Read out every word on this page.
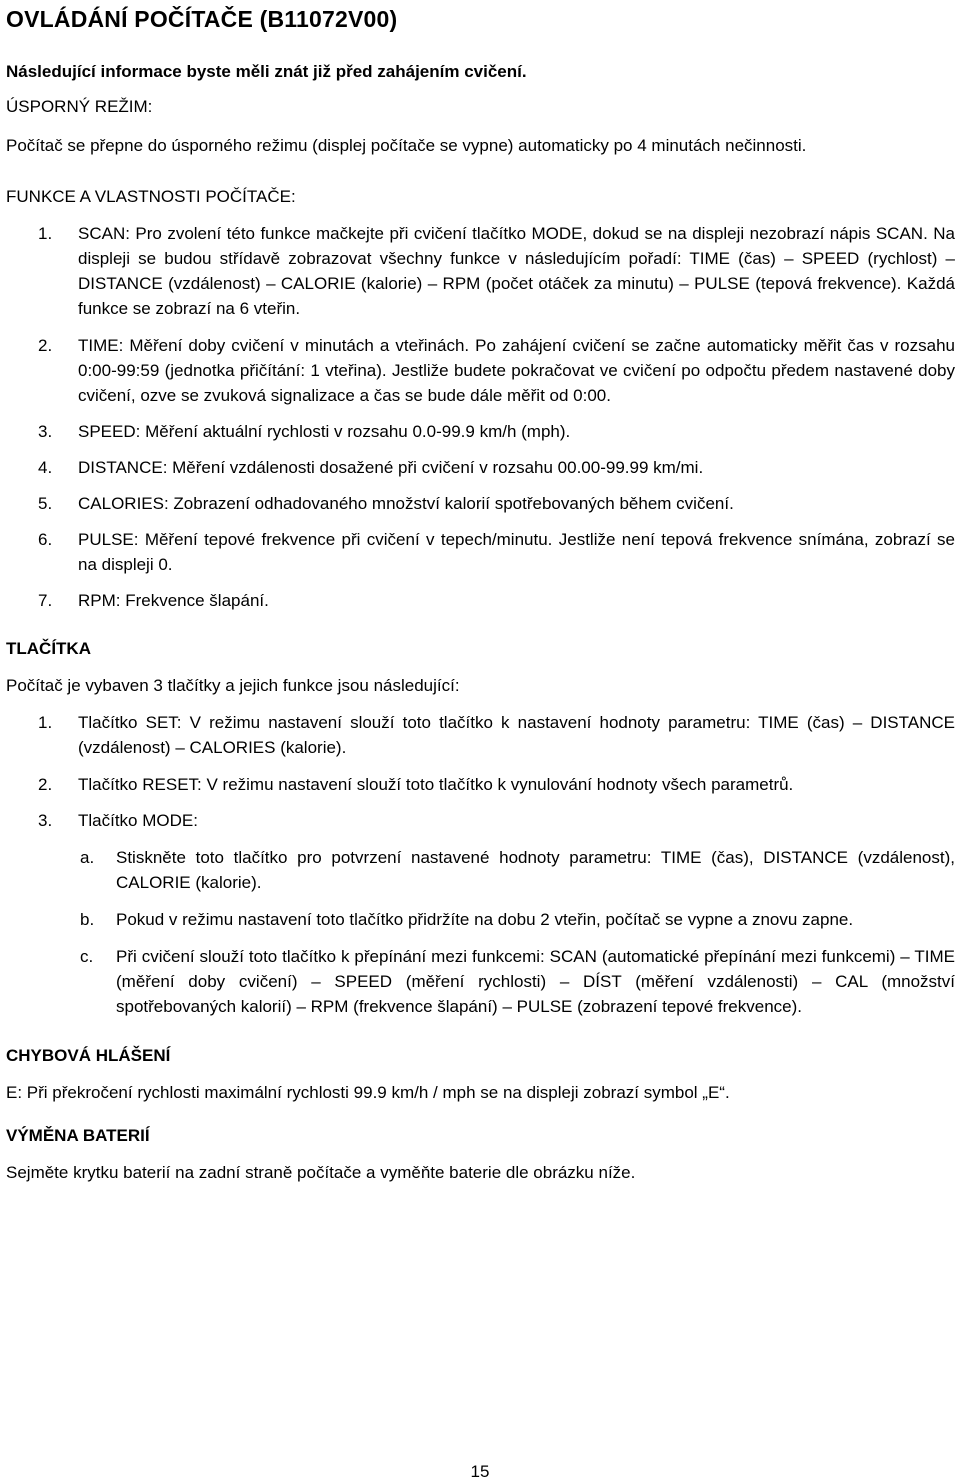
OVLÁDÁNÍ POČÍTAČE (B11072V00)

Následující informace byste měli znát již před zahájením cvičení.

ÚSPORNÝ REŽIM:

Počítač se přepne do úsporného režimu (displej počítače se vypne) automaticky po 4 minutách nečinnosti.

FUNKCE A VLASTNOSTI POČÍTAČE:

1. SCAN: Pro zvolení této funkce mačkejte při cvičení tlačítko MODE, dokud se na displeji nezobrazí nápis SCAN. Na displeji se budou střídavě zobrazovat všechny funkce v následujícím pořadí: TIME (čas) – SPEED (rychlost) – DISTANCE (vzdálenost) – CALORIE (kalorie) – RPM (počet otáček za minutu) – PULSE (tepová frekvence). Každá funkce se zobrazí na 6 vteřin.
2. TIME: Měření doby cvičení v minutách a vteřinách. Po zahájení cvičení se začne automaticky měřit čas v rozsahu 0:00-99:59 (jednotka přičítání: 1 vteřina). Jestliže budete pokračovat ve cvičení po odpočtu předem nastavené doby cvičení, ozve se zvuková signalizace a čas se bude dále měřit od 0:00.
3. SPEED: Měření aktuální rychlosti v rozsahu 0.0-99.9 km/h (mph).
4. DISTANCE: Měření vzdálenosti dosažené při cvičení v rozsahu 00.00-99.99 km/mi.
5. CALORIES: Zobrazení odhadovaného množství kalorií spotřebovaných během cvičení.
6. PULSE: Měření tepové frekvence při cvičení v tepech/minutu. Jestliže není tepová frekvence snímána, zobrazí se na displeji 0.
7. RPM: Frekvence šlapání.

TLAČÍTKA

Počítač je vybaven 3 tlačítky a jejich funkce jsou následující:

1. Tlačítko SET: V režimu nastavení slouží toto tlačítko k nastavení hodnoty parametru: TIME (čas) – DISTANCE (vzdálenost) – CALORIES (kalorie).
2. Tlačítko RESET: V režimu nastavení slouží toto tlačítko k vynulování hodnoty všech parametrů.
3. Tlačítko MODE:
a. Stiskněte toto tlačítko pro potvrzení nastavené hodnoty parametru: TIME (čas), DISTANCE (vzdálenost), CALORIE (kalorie).
b. Pokud v režimu nastavení toto tlačítko přidržíte na dobu 2 vteřin, počítač se vypne a znovu zapne.
c. Při cvičení slouží toto tlačítko k přepínání mezi funkcemi: SCAN (automatické přepínání mezi funkcemi) – TIME (měření doby cvičení) – SPEED (měření rychlosti) – DÍST (měření vzdálenosti) – CAL (množství spotřebovaných kalorií) – RPM (frekvence šlapání) – PULSE (zobrazení tepové frekvence).

CHYBOVÁ HLÁŠENÍ

E: Při překročení rychlosti maximální rychlosti 99.9 km/h / mph se na displeji zobrazí symbol „E“.

VÝMĚNA BATERIÍ

Sejměte krytku baterií na zadní straně počítače a vyměňte baterie dle obrázku níže.

15
